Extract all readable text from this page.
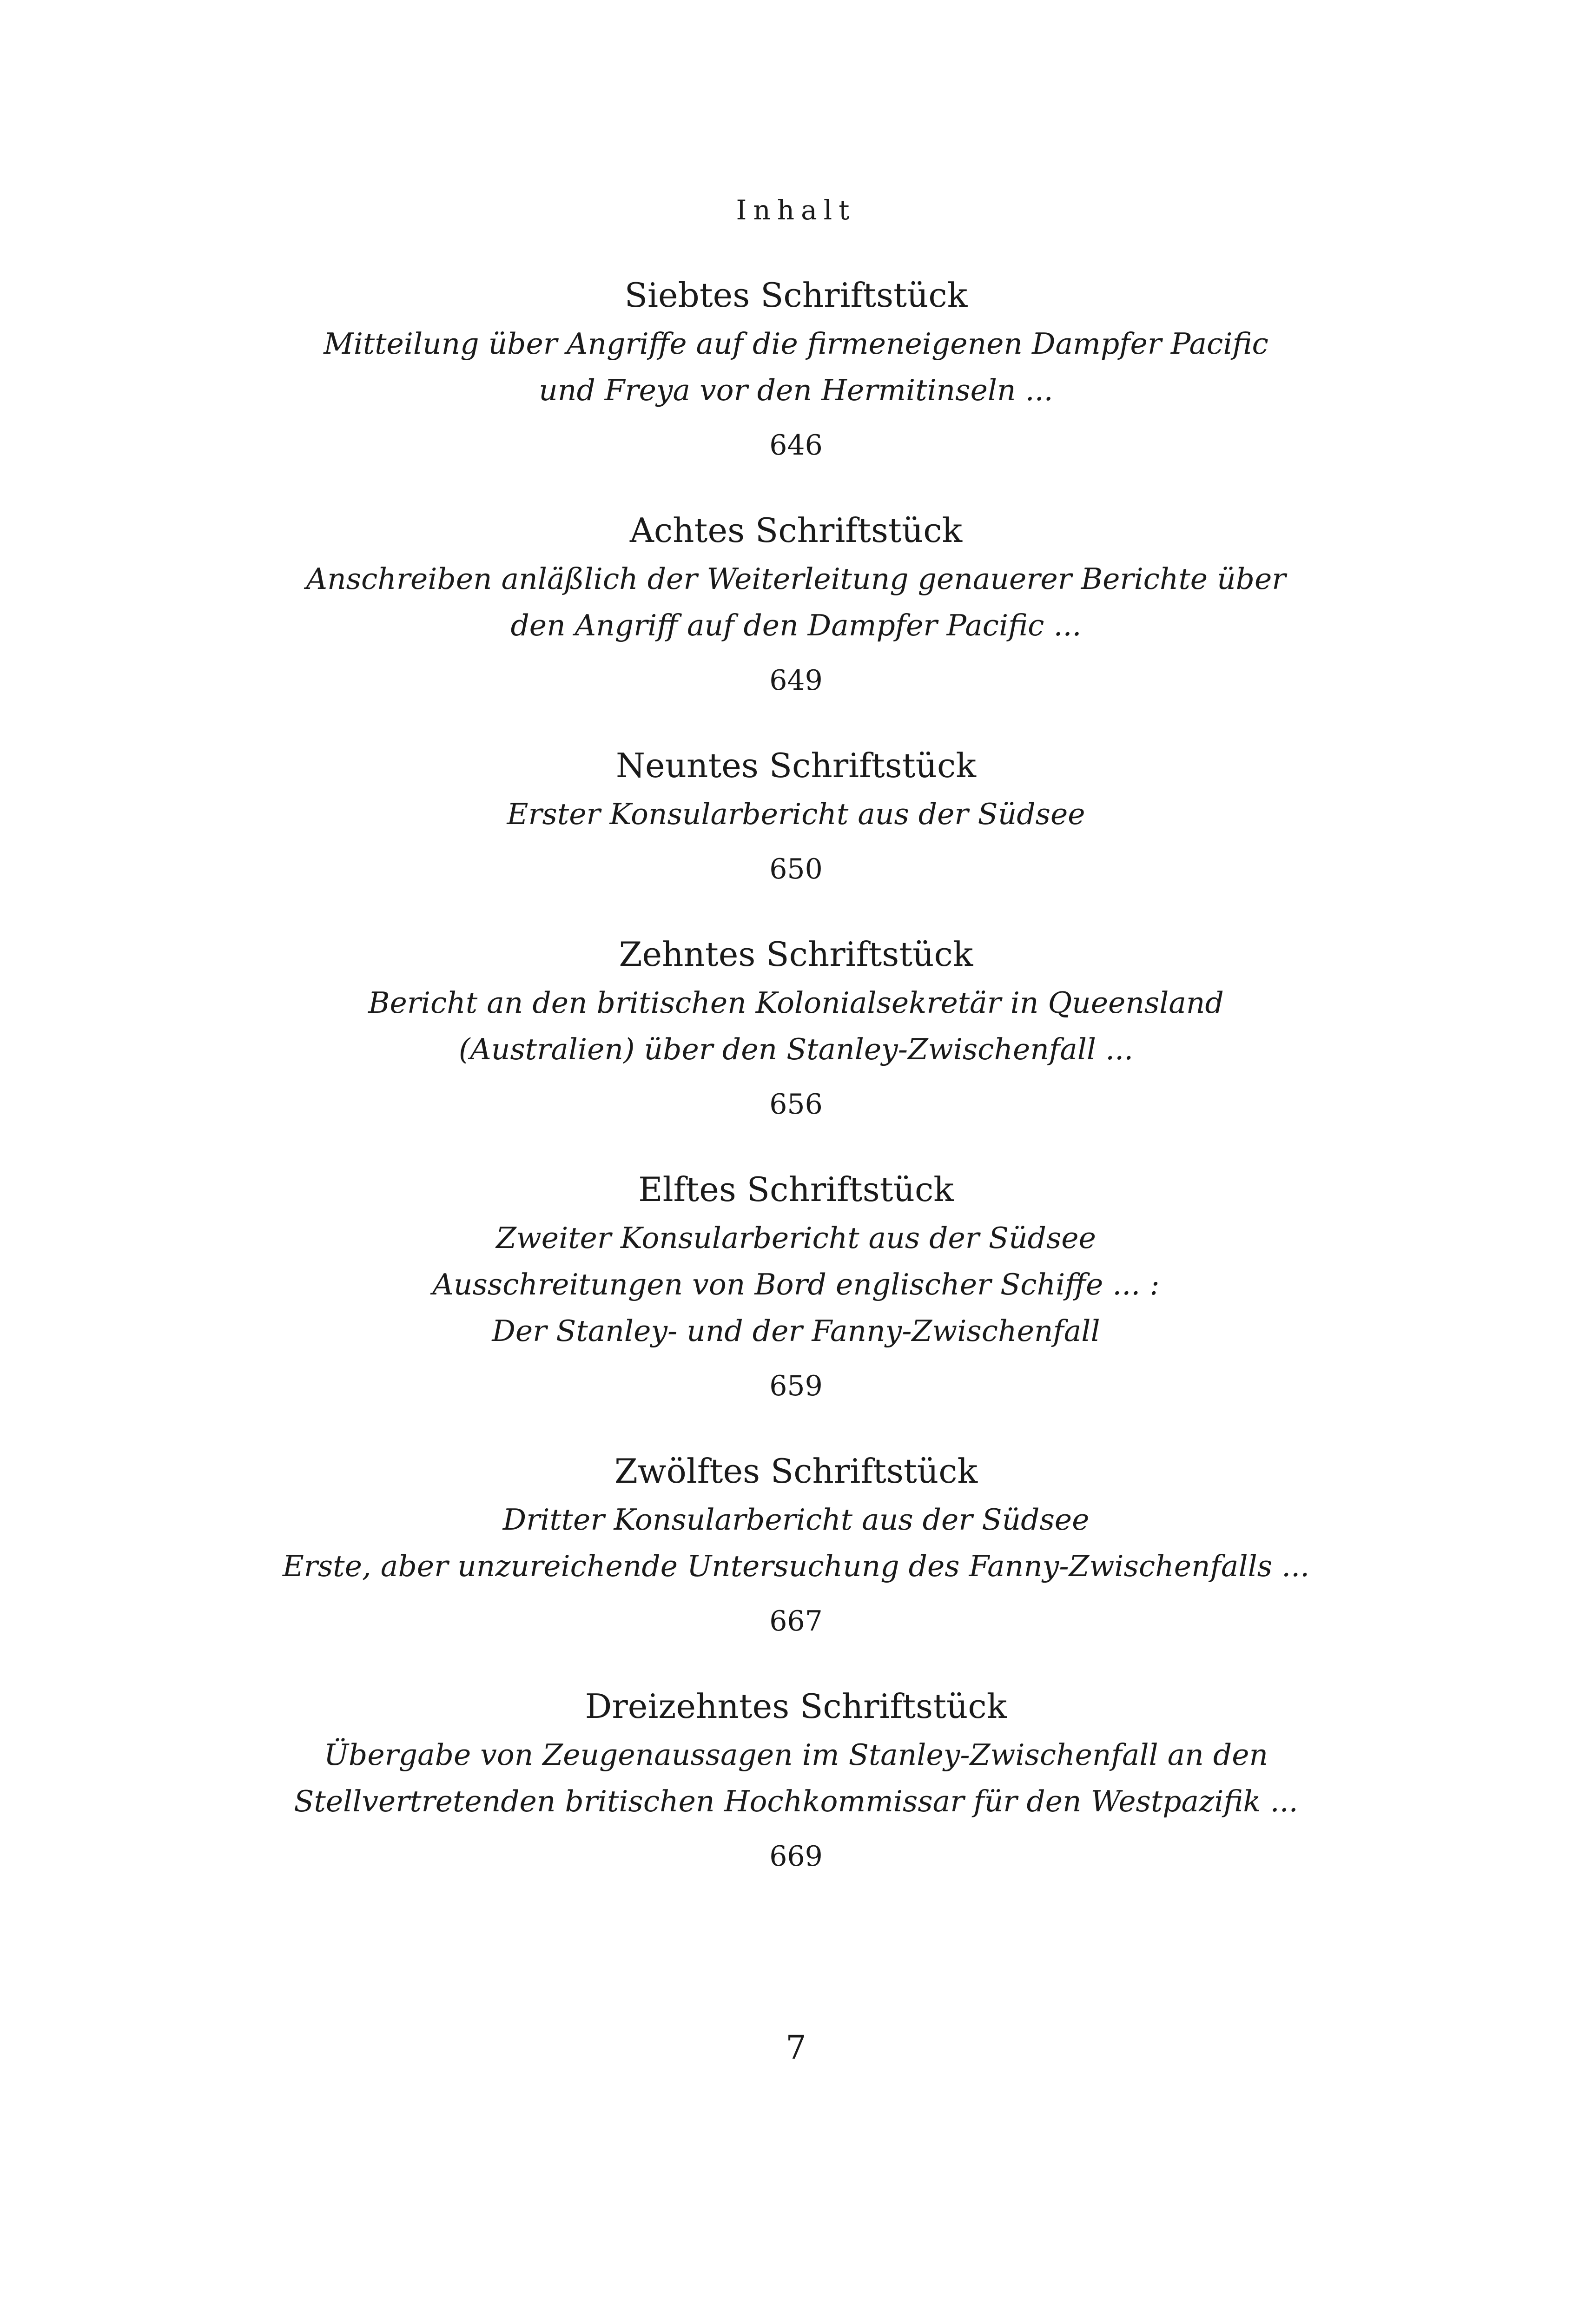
Inhalt
Siebtes Schriftstück
Mitteilung über Angriffe auf die firmeneigenen Dampfer Pacific
und Freya vor den Hermitinseln ...
646
Achtes Schriftstück
Anschreiben anläßlich der Weiterleitung genauerer Berichte über
den Angriff auf den Dampfer Pacific ...
649
Neuntes Schriftstück
Erster Konsularbericht aus der Südsee
650
Zehntes Schriftstück
Bericht an den britischen Kolonialsekretär in Queensland
(Australien) über den Stanley-Zwischenfall ...
656
Elftes Schriftstück
Zweiter Konsularbericht aus der Südsee
Ausschreitungen von Bord englischer Schiffe ... :
Der Stanley- und der Fanny-Zwischenfall
659
Zwölftes Schriftstück
Dritter Konsularbericht aus der Südsee
Erste, aber unzureichende Untersuchung des Fanny-Zwischenfalls ...
667
Dreizehntes Schriftstück
Übergabe von Zeugenaussagen im Stanley-Zwischenfall an den
Stellvertretenden britischen Hochkommissar für den Westpazifik ...
669
7
